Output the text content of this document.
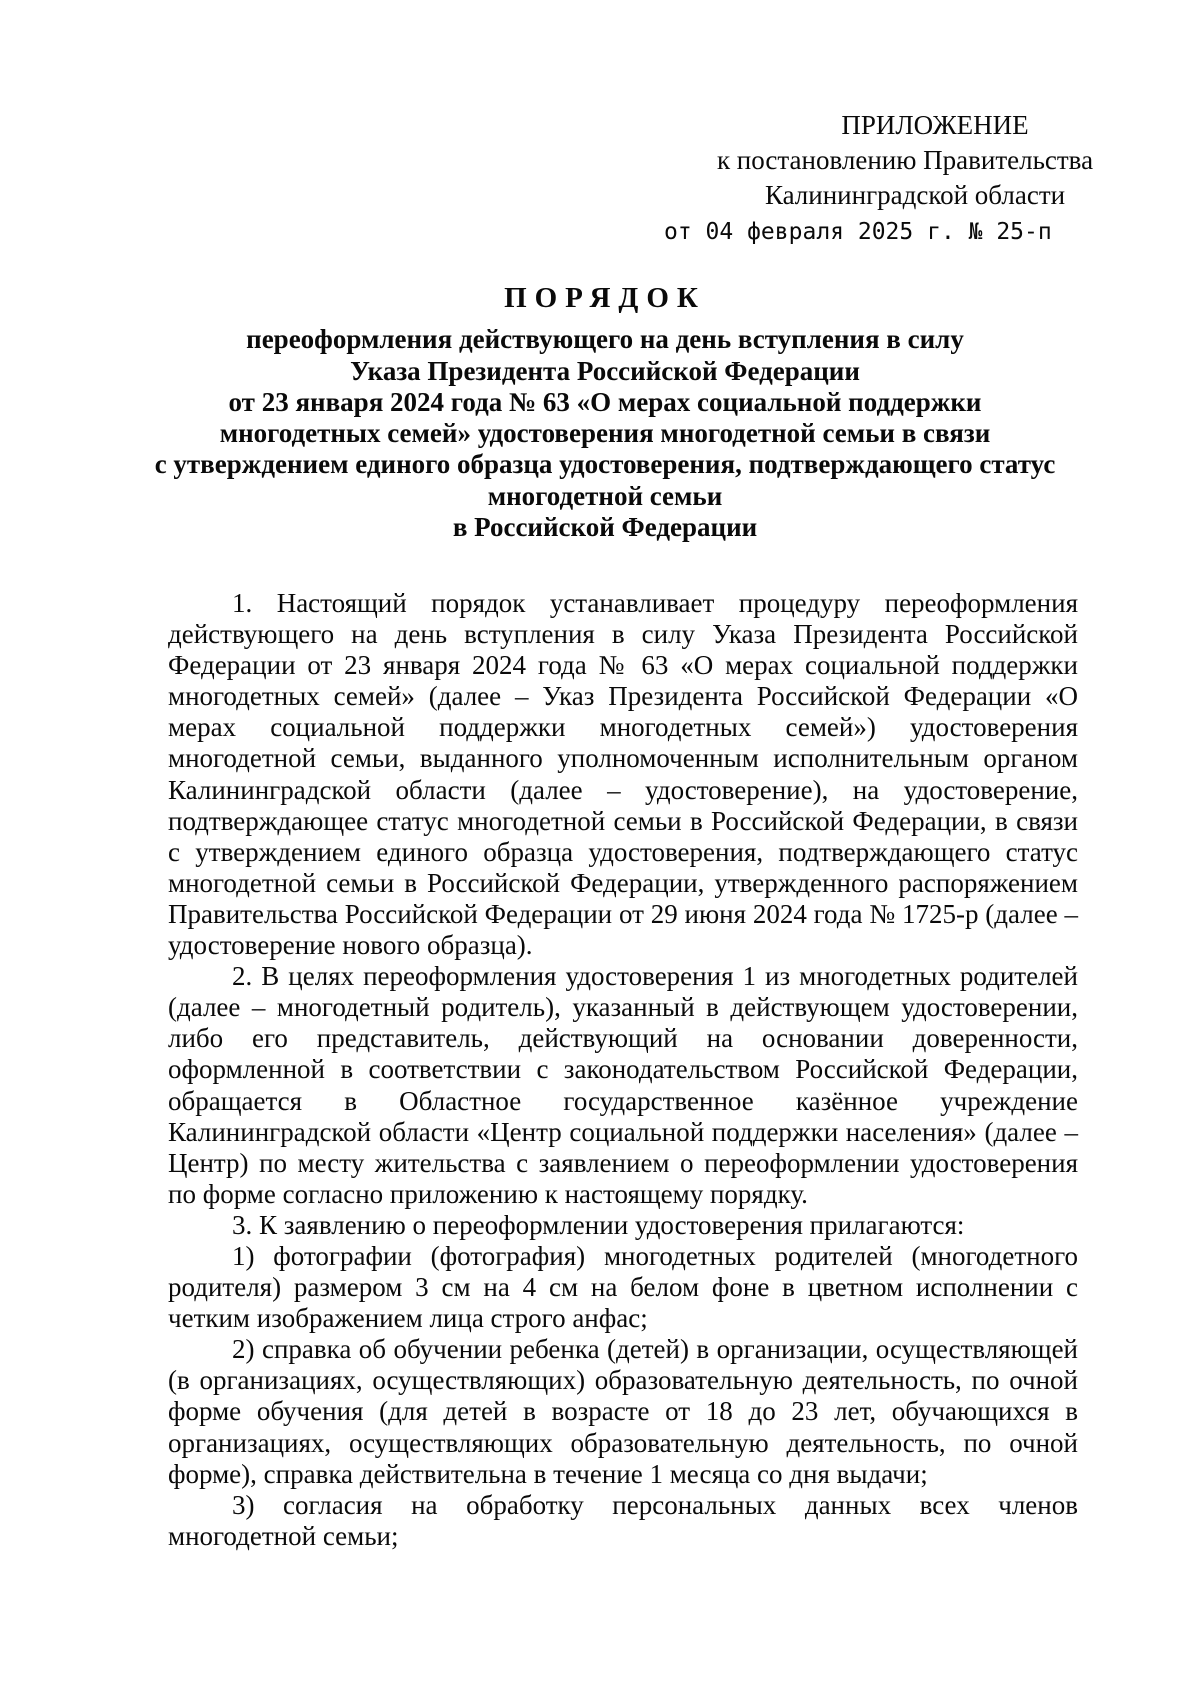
ПРИЛОЖЕНИЕ
к постановлению Правительства
Калининградской области
от 04 февраля 2025 г. № 25-п
ПОРЯДОК
переоформления действующего на день вступления в силу
Указа Президента Российской Федерации
от 23 января 2024 года № 63 «О мерах социальной поддержки
многодетных семей» удостоверения многодетной семьи в связи
с утверждением единого образца удостоверения, подтверждающего статус
многодетной семьи
в Российской Федерации

1. Настоящий порядок устанавливает процедуру переоформления действующего на день вступления в силу Указа Президента Российской Федерации от 23 января 2024 года № 63 «О мерах социальной поддержки многодетных семей» (далее – Указ Президента Российской Федерации «О мерах социальной поддержки многодетных семей») удостоверения многодетной семьи, выданного уполномоченным исполнительным органом Калининградской области (далее – удостоверение), на удостоверение, подтверждающее статус многодетной семьи в Российской Федерации, в связи с утверждением единого образца удостоверения, подтверждающего статус многодетной семьи в Российской Федерации, утвержденного распоряжением Правительства Российской Федерации от 29 июня 2024 года № 1725-р (далее – удостоверение нового образца).

2. В целях переоформления удостоверения 1 из многодетных родителей (далее – многодетный родитель), указанный в действующем удостоверении, либо его представитель, действующий на основании доверенности, оформленной в соответствии с законодательством Российской Федерации, обращается в Областное государственное казённое учреждение Калининградской области «Центр социальной поддержки населения» (далее – Центр) по месту жительства с заявлением о переоформлении удостоверения по форме согласно приложению к настоящему порядку.

3. К заявлению о переоформлении удостоверения прилагаются:

1) фотографии (фотография) многодетных родителей (многодетного родителя) размером 3 см на 4 см на белом фоне в цветном исполнении с четким изображением лица строго анфас;

2) справка об обучении ребенка (детей) в организации, осуществляющей (в организациях, осуществляющих) образовательную деятельность, по очной форме обучения (для детей в возрасте от 18 до 23 лет, обучающихся в организациях, осуществляющих образовательную деятельность, по очной форме), справка действительна в течение 1 месяца со дня выдачи;

3) согласия на обработку персональных данных всех членов многодетной семьи;
